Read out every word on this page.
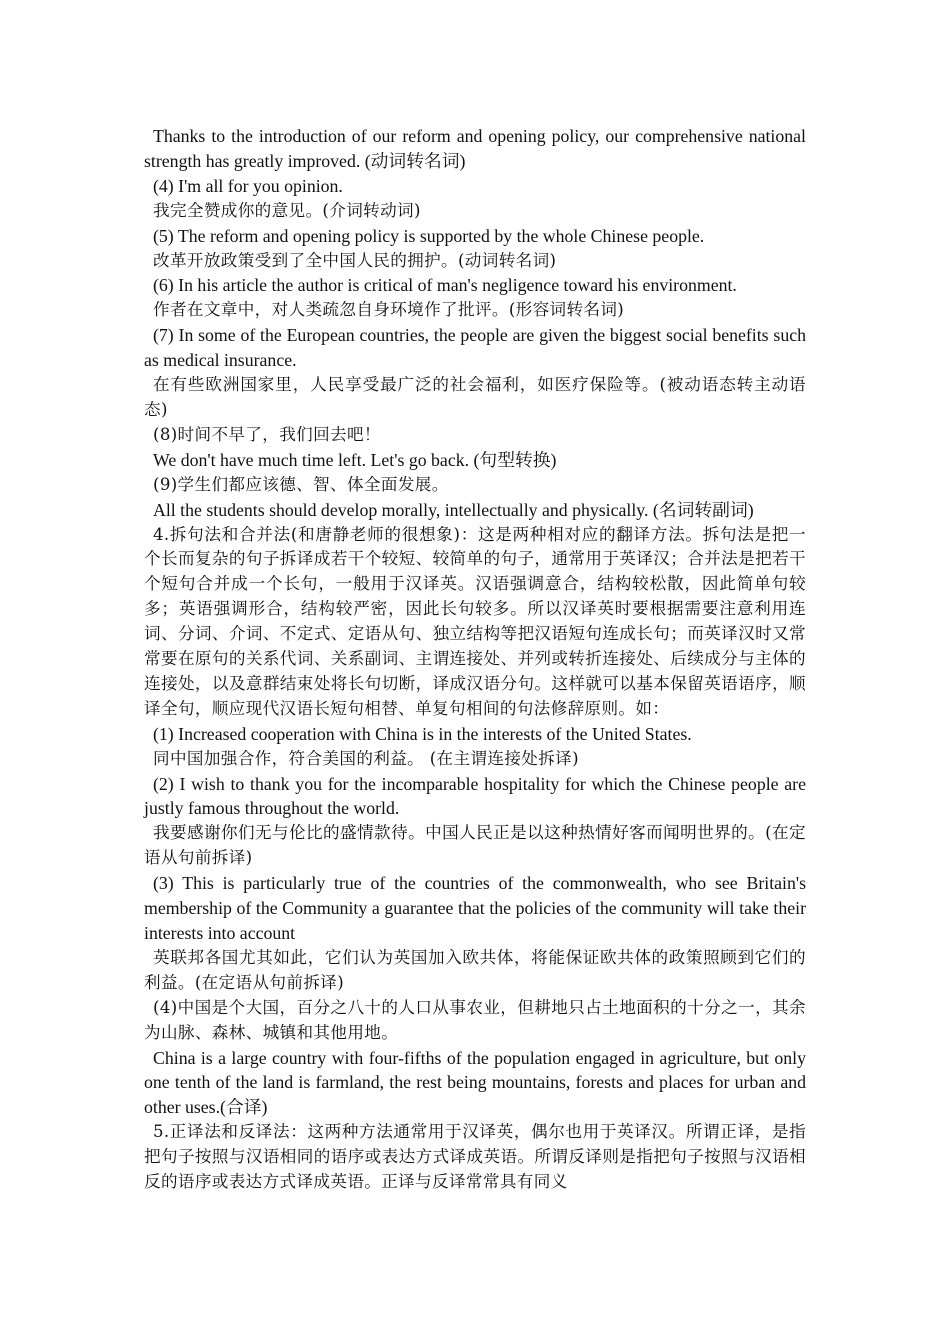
Thanks to the introduction of our reform and opening policy, our comprehensive national strength has greatly improved. (动词转名词)

(4) I'm all for you opinion.

我完全赞成你的意见。(介词转动词)

(5) The reform and opening policy is supported by the whole Chinese people.

改革开放政策受到了全中国人民的拥护。(动词转名词)

(6) In his article the author is critical of man's negligence toward his environment.

作者在文章中，对人类疏忽自身环境作了批评。(形容词转名词)

(7) In some of the European countries, the people are given the biggest social benefits such as medical insurance.

在有些欧洲国家里，人民享受最广泛的社会福利，如医疗保险等。(被动语态转主动语态)

(8)时间不早了，我们回去吧！

We don't have much time left. Let's go back. (句型转换)

(9)学生们都应该德、智、体全面发展。

All the students should develop morally, intellectually and physically. (名词转副词)

4.拆句法和合并法(和唐静老师的很想象)：这是两种相对应的翻译方法。拆句法是把一个长而复杂的句子拆译成若干个较短、较简单的句子，通常用于英译汉；合并法是把若干个短句合并成一个长句，一般用于汉译英。汉语强调意合，结构较松散，因此简单句较多；英语强调形合，结构较严密，因此长句较多。所以汉译英时要根据需要注意利用连词、分词、介词、不定式、定语从句、独立结构等把汉语短句连成长句；而英译汉时又常常要在原句的关系代词、关系副词、主谓连接处、并列或转折连接处、后续成分与主体的连接处，以及意群结束处将长句切断，译成汉语分句。这样就可以基本保留英语语序，顺译全句，顺应现代汉语长短句相替、单复句相间的句法修辞原则。如：

(1) Increased cooperation with China is in the interests of the United States.

同中国加强合作，符合美国的利益。 (在主谓连接处拆译)

(2) I wish to thank you for the incomparable hospitality for which the Chinese people are justly famous throughout the world.

我要感谢你们无与伦比的盛情款待。中国人民正是以这种热情好客而闻明世界的。(在定语从句前拆译)

(3) This is particularly true of the countries of the commonwealth, who see Britain's membership of the Community a guarantee that the policies of the community will take their interests into account

英联邦各国尤其如此，它们认为英国加入欧共体，将能保证欧共体的政策照顾到它们的利益。(在定语从句前拆译)

(4)中国是个大国，百分之八十的人口从事农业，但耕地只占土地面积的十分之一，其余为山脉、森林、城镇和其他用地。

China is a large country with four-fifths of the population engaged in agriculture, but only one tenth of the land is farmland, the rest being mountains, forests and places for urban and other uses.(合译)

5.正译法和反译法：这两种方法通常用于汉译英，偶尔也用于英译汉。所谓正译，是指把句子按照与汉语相同的语序或表达方式译成英语。所谓反译则是指把句子按照与汉语相反的语序或表达方式译成英语。正译与反译常常具有同义
